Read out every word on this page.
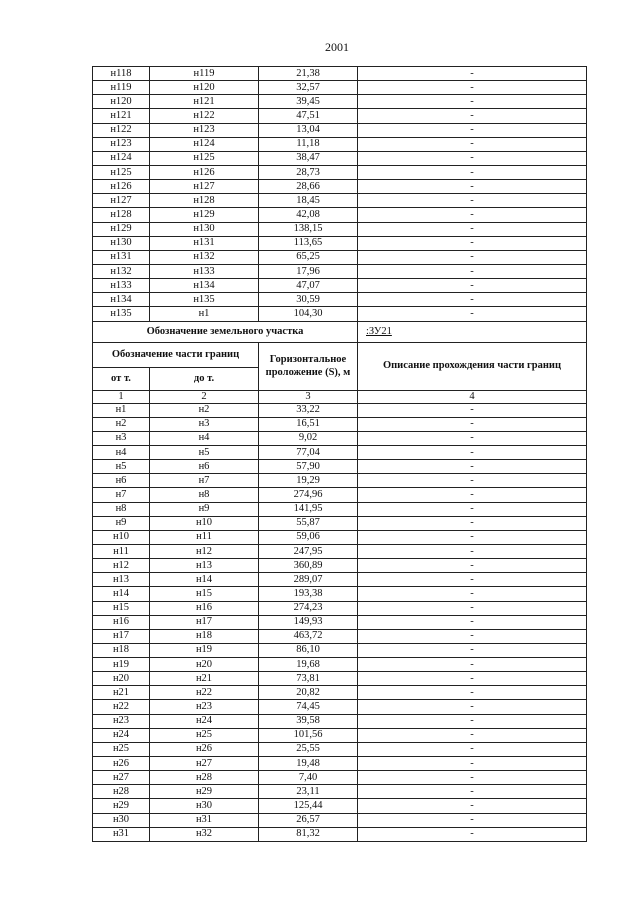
2001
н118	н119	21,38	-
н119	н120	32,57	-
н120	н121	39,45	-
н121	н122	47,51	-
н122	н123	13,04	-
н123	н124	11,18	-
н124	н125	38,47	-
н125	н126	28,73	-
н126	н127	28,66	-
н127	н128	18,45	-
н128	н129	42,08	-
н129	н130	138,15	-
н130	н131	113,65	-
н131	н132	65,25	-
н132	н133	17,96	-
н133	н134	47,07	-
н134	н135	30,59	-
н135	н1	104,30	-
Обозначение земельного участка			:ЗУ21
Обозначение части границ		Горизонтальное проложение (S), м	Описание прохождения части границ
от т.	до т.		
1	2	3	4
н1	н2	33,22	-
н2	н3	16,51	-
н3	н4	9,02	-
н4	н5	77,04	-
н5	н6	57,90	-
н6	н7	19,29	-
н7	н8	274,96	-
н8	н9	141,95	-
н9	н10	55,87	-
н10	н11	59,06	-
н11	н12	247,95	-
н12	н13	360,89	-
н13	н14	289,07	-
н14	н15	193,38	-
н15	н16	274,23	-
н16	н17	149,93	-
н17	н18	463,72	-
н18	н19	86,10	-
н19	н20	19,68	-
н20	н21	73,81	-
н21	н22	20,82	-
н22	н23	74,45	-
н23	н24	39,58	-
н24	н25	101,56	-
н25	н26	25,55	-
н26	н27	19,48	-
н27	н28	7,40	-
н28	н29	23,11	-
н29	н30	125,44	-
н30	н31	26,57	-
н31	н32	81,32	-
